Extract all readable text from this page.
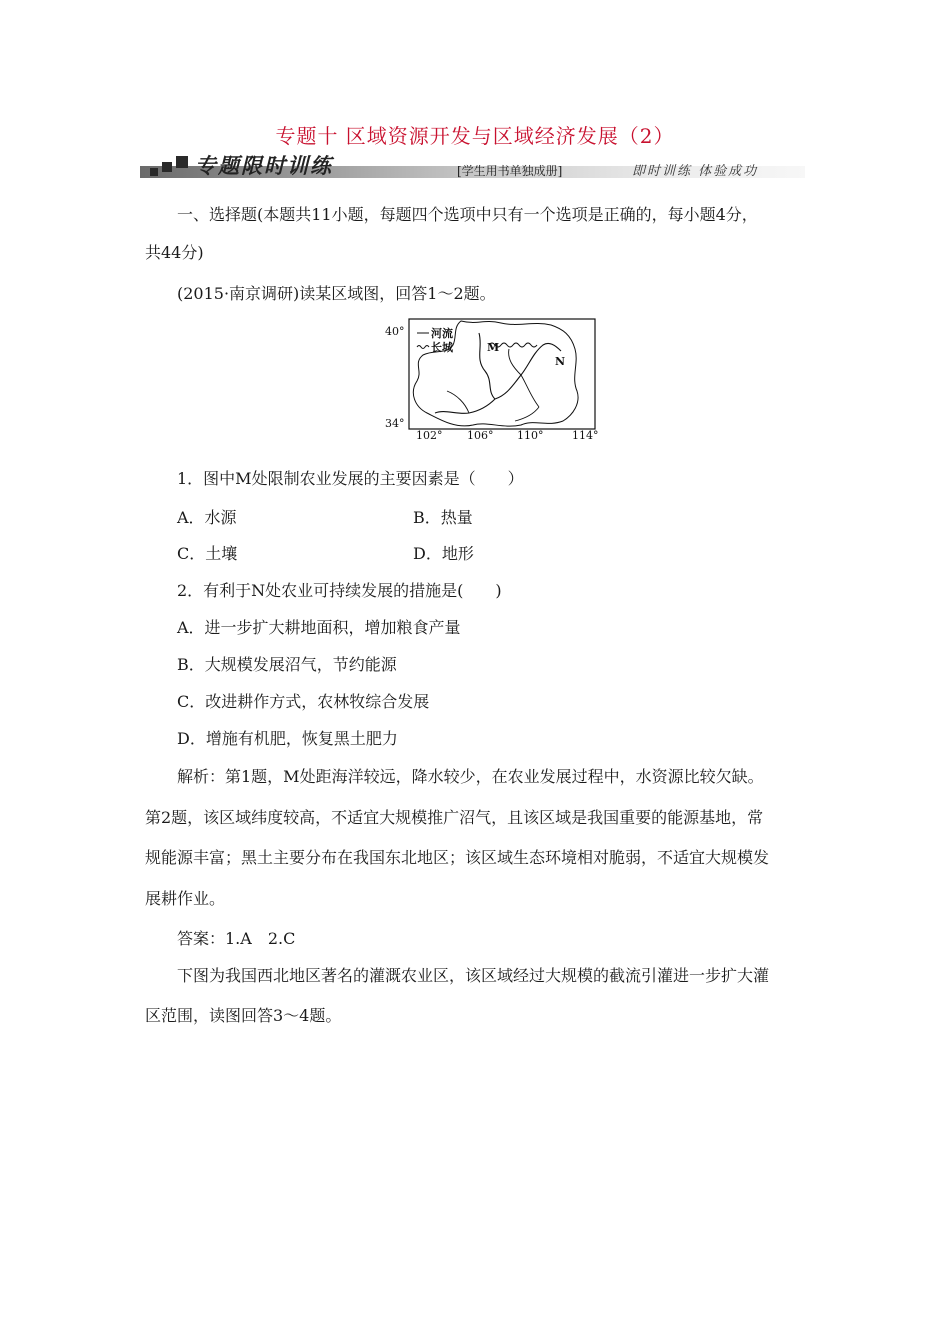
专题十 区域资源开发与区域经济发展（2）
专题限时训练	[学生用书单独成册]	即时训练 体验成功
一、选择题(本题共11小题，每题四个选项中只有一个选项是正确的，每小题4分，
共44分)
(2015·南京调研)读某区域图，回答1～2题。
40°
34°
102° 106° 110°	114°
河流
长城	M
N
1．图中M处限制农业发展的主要因素是（　　）
A．水源	B．热量
C．土壤	D．地形
2．有利于N处农业可持续发展的措施是(　　)
A．进一步扩大耕地面积，增加粮食产量
B．大规模发展沼气，节约能源
C．改进耕作方式，农林牧综合发展
D．增施有机肥，恢复黑土肥力
解析：第1题，M处距海洋较远，降水较少，在农业发展过程中，水资源比较欠缺。
第2题，该区域纬度较高，不适宜大规模推广沼气，且该区域是我国重要的能源基地，常
规能源丰富；黑土主要分布在我国东北地区；该区域生态环境相对脆弱，不适宜大规模发
展耕作业。
答案：1.A　2.C
下图为我国西北地区著名的灌溉农业区，该区域经过大规模的截流引灌进一步扩大灌
区范围，读图回答3～4题。
